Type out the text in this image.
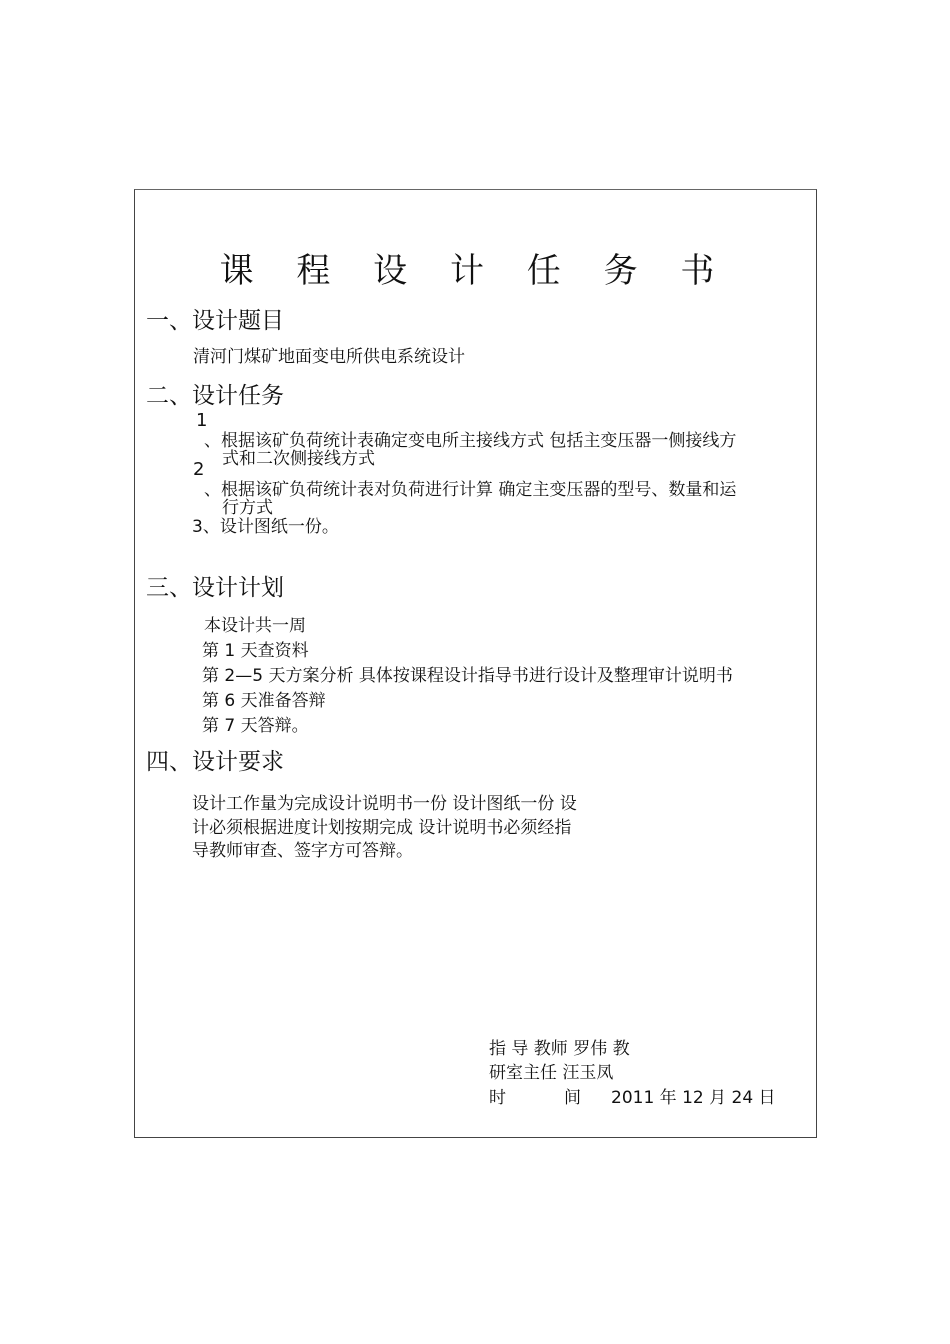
课 程 设 计 任 务 书
一、设计题目
清河门煤矿地面变电所供电系统设计
二、设计任务
1
、根据该矿负荷统计表确定变电所主接线方式 包括主变压器一侧接线方
式和二次侧接线方式
2
、根据该矿负荷统计表对负荷进行计算 确定主变压器的型号、数量和运
行方式
3、设计图纸一份。
三、设计计划
本设计共一周
第 1 天查资料
第 2—5 天方案分析 具体按课程设计指导书进行设计及整理审计说明书
第 6 天准备答辩
第 7 天答辩。
四、设计要求
设计工作量为完成设计说明书一份 设计图纸一份 设
计必须根据进度计划按期完成 设计说明书必须经指
导教师审查、签字方可答辩。
指 导 教师 罗伟 教
研室主任 汪玉凤
时	间 2011 年 12 月 24 日
